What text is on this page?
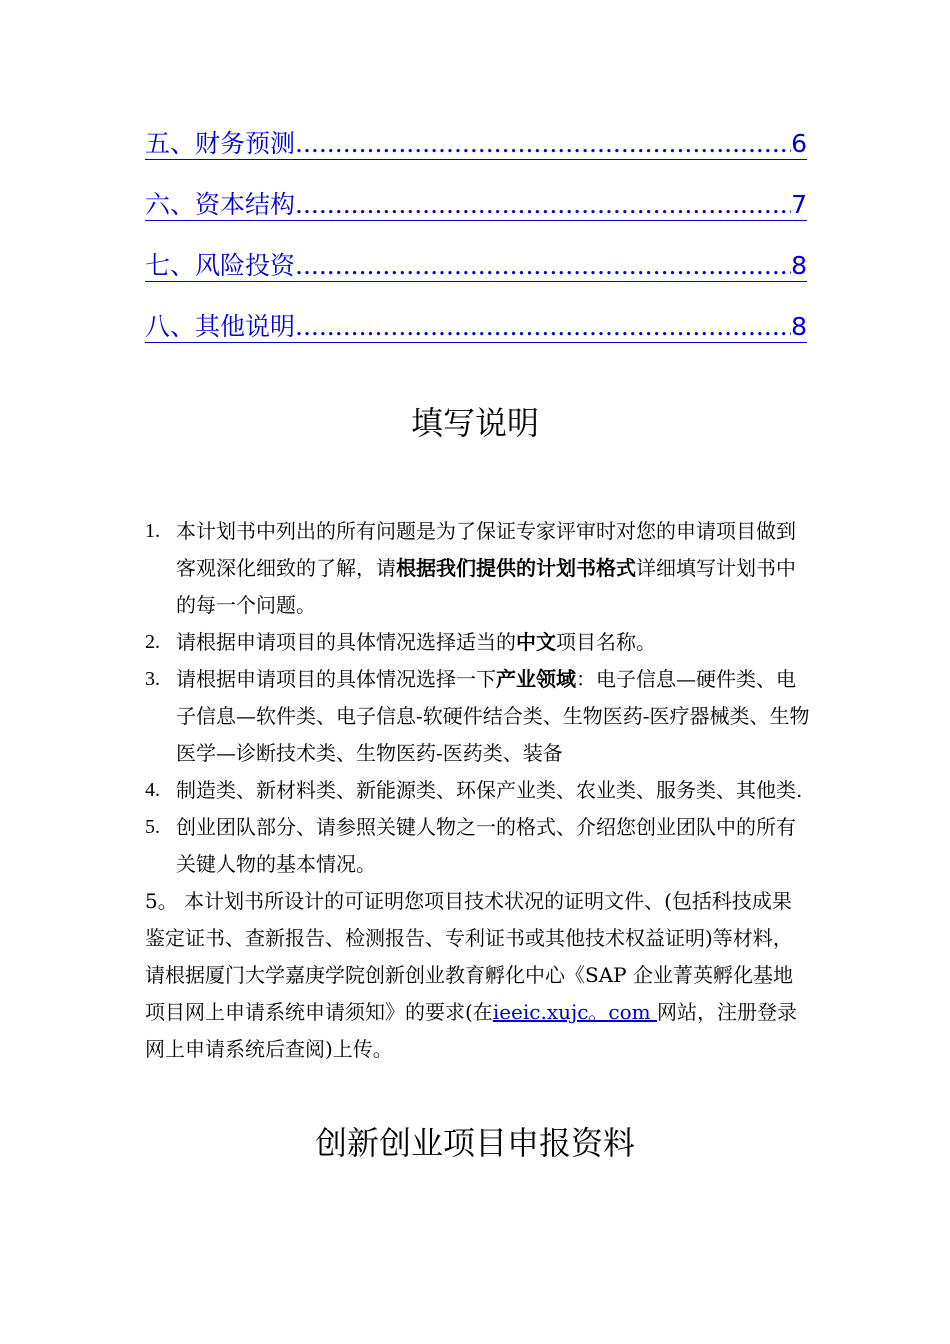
五、财务预测 .....	6
六、资本结构 .....	7
七、风险投资 .....	8
八、其他说明 .....	8
填写说明
1. 本计划书中列出的所有问题是为了保证专家评审时对您的申请项目做到客观深化细致的了解，请根据我们提供的计划书格式详细填写计划书中的每一个问题。
2. 请根据申请项目的具体情况选择适当的中文项目名称。
3. 请根据申请项目的具体情况选择一下产业领域：电子信息—硬件类、电子信息—软件类、电子信息-软硬件结合类、生物医药-医疗器械类、生物医学—诊断技术类、生物医药-医药类、装备
4. 制造类、新材料类、新能源类、环保产业类、农业类、服务类、其他类.
5. 创业团队部分、请参照关键人物之一的格式、介绍您创业团队中的所有关键人物的基本情况。
5。 本计划书所设计的可证明您项目技术状况的证明文件、(包括科技成果鉴定证书、查新报告、检测报告、专利证书或其他技术权益证明)等材料，请根据厦门大学嘉庚学院创新创业教育孵化中心《SAP 企业菁英孵化基地项目网上申请系统申请须知》的要求(在ieeic.xujc。com 网站，注册登录网上申请系统后查阅)上传。
创新创业项目申报资料
